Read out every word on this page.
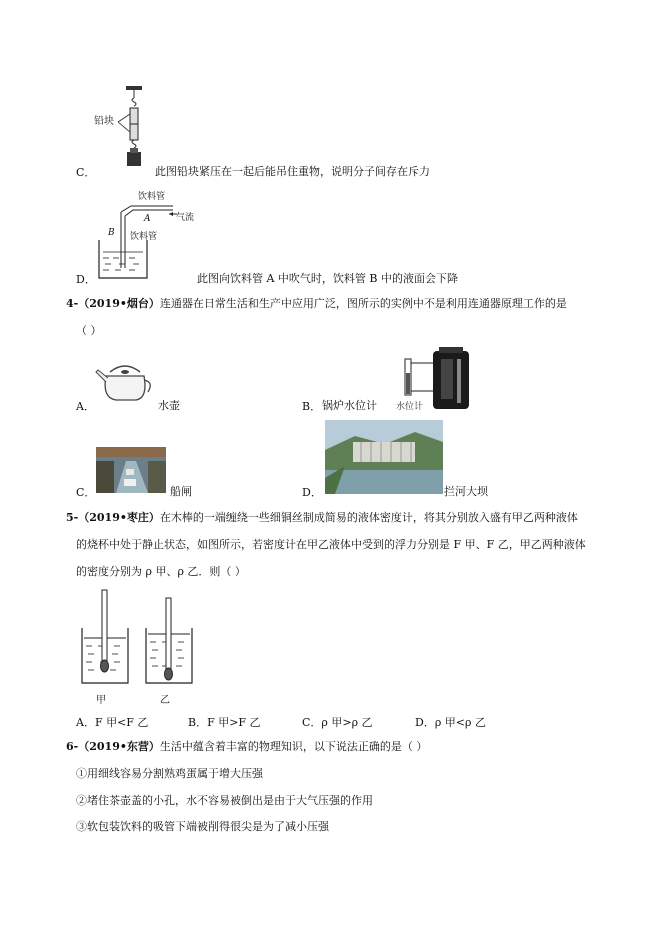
铅块
C．	此图铅块紧压在一起后能吊住重物，说明分子间存在斥力
饮料管
A	气流
B 饮料管
D．	此图向饮料管 A 中吹气时，饮料管 B 中的液面会下降
4-（2019•烟台）连通器在日常生活和生产中应用广泛，图所示的实例中不是利用连通器原理工作的是
（ ）
A．	水壶	水位计
B． 锅炉水位计
C．	船闸	D．	拦河大坝
5-（2019•枣庄）在木棒的一端缠绕一些细铜丝制成简易的液体密度计，将其分别放入盛有甲乙两种液体
的烧杯中处于静止状态，如图所示，若密度计在甲乙液体中受到的浮力分别是 F 甲、F 乙，甲乙两种液体
的密度分别为 ρ 甲、ρ 乙．则（ ）
甲	乙
A．F 甲<F 乙	B．F 甲>F 乙	C．ρ 甲>ρ 乙	D．ρ 甲<ρ 乙
6-（2019•东营）生活中蕴含着丰富的物理知识，以下说法正确的是（ ）
①用细线容易分割熟鸡蛋属于增大压强
②堵住茶壶盖的小孔，水不容易被倒出是由于大气压强的作用
③软包装饮料的吸管下端被削得很尖是为了减小压强
